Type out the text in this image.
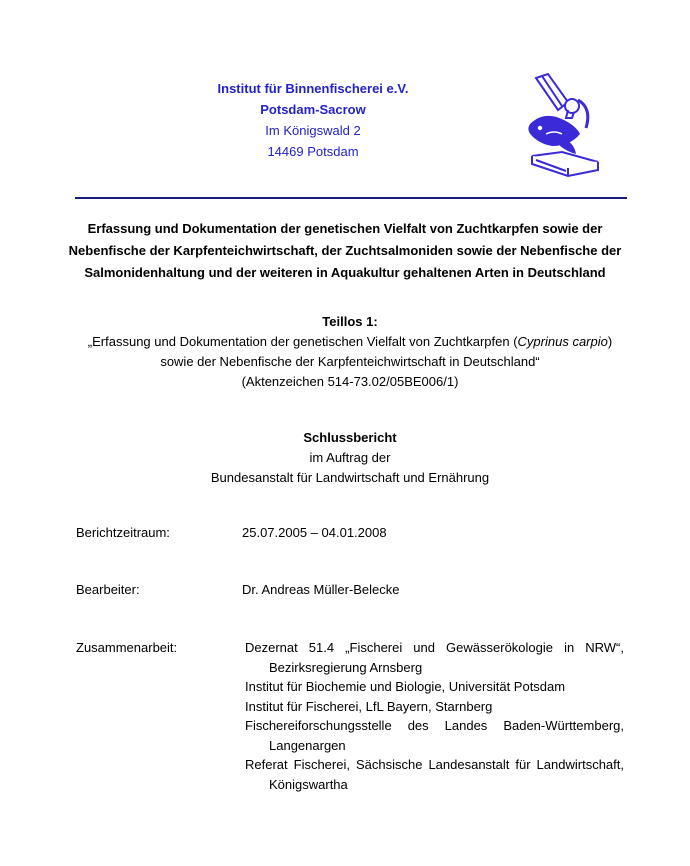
Institut für Binnenfischerei e.V.
Potsdam-Sacrow
Im Königswald 2
14469 Potsdam
Erfassung und Dokumentation der genetischen Vielfalt von Zuchtkarpfen sowie der
Nebenfische der Karpfenteichwirtschaft, der Zuchtsalmoniden sowie der Nebenfische der
Salmonidenhaltung und der weiteren in Aquakultur gehaltenen Arten in Deutschland
Teillos 1:
„Erfassung und Dokumentation der genetischen Vielfalt von Zuchtkarpfen (Cyprinus carpio)
sowie der Nebenfische der Karpfenteichwirtschaft in Deutschland“
(Aktenzeichen 514-73.02/05BE006/1)
Schlussbericht
im Auftrag der
Bundesanstalt für Landwirtschaft und Ernährung
Berichtzeitraum:	25.07.2005 – 04.01.2008
Bearbeiter:	Dr. Andreas Müller-Belecke
Zusammenarbeit:	Dezernat 51.4 „Fischerei und Gewässerökologie in NRW“,
Bezirksregierung Arnsberg
Institut für Biochemie und Biologie, Universität Potsdam
Institut für Fischerei, LfL Bayern, Starnberg
Fischereiforschungsstelle des Landes Baden-Württemberg,
Langenargen
Referat Fischerei, Sächsische Landesanstalt für Landwirtschaft,
Königswartha
